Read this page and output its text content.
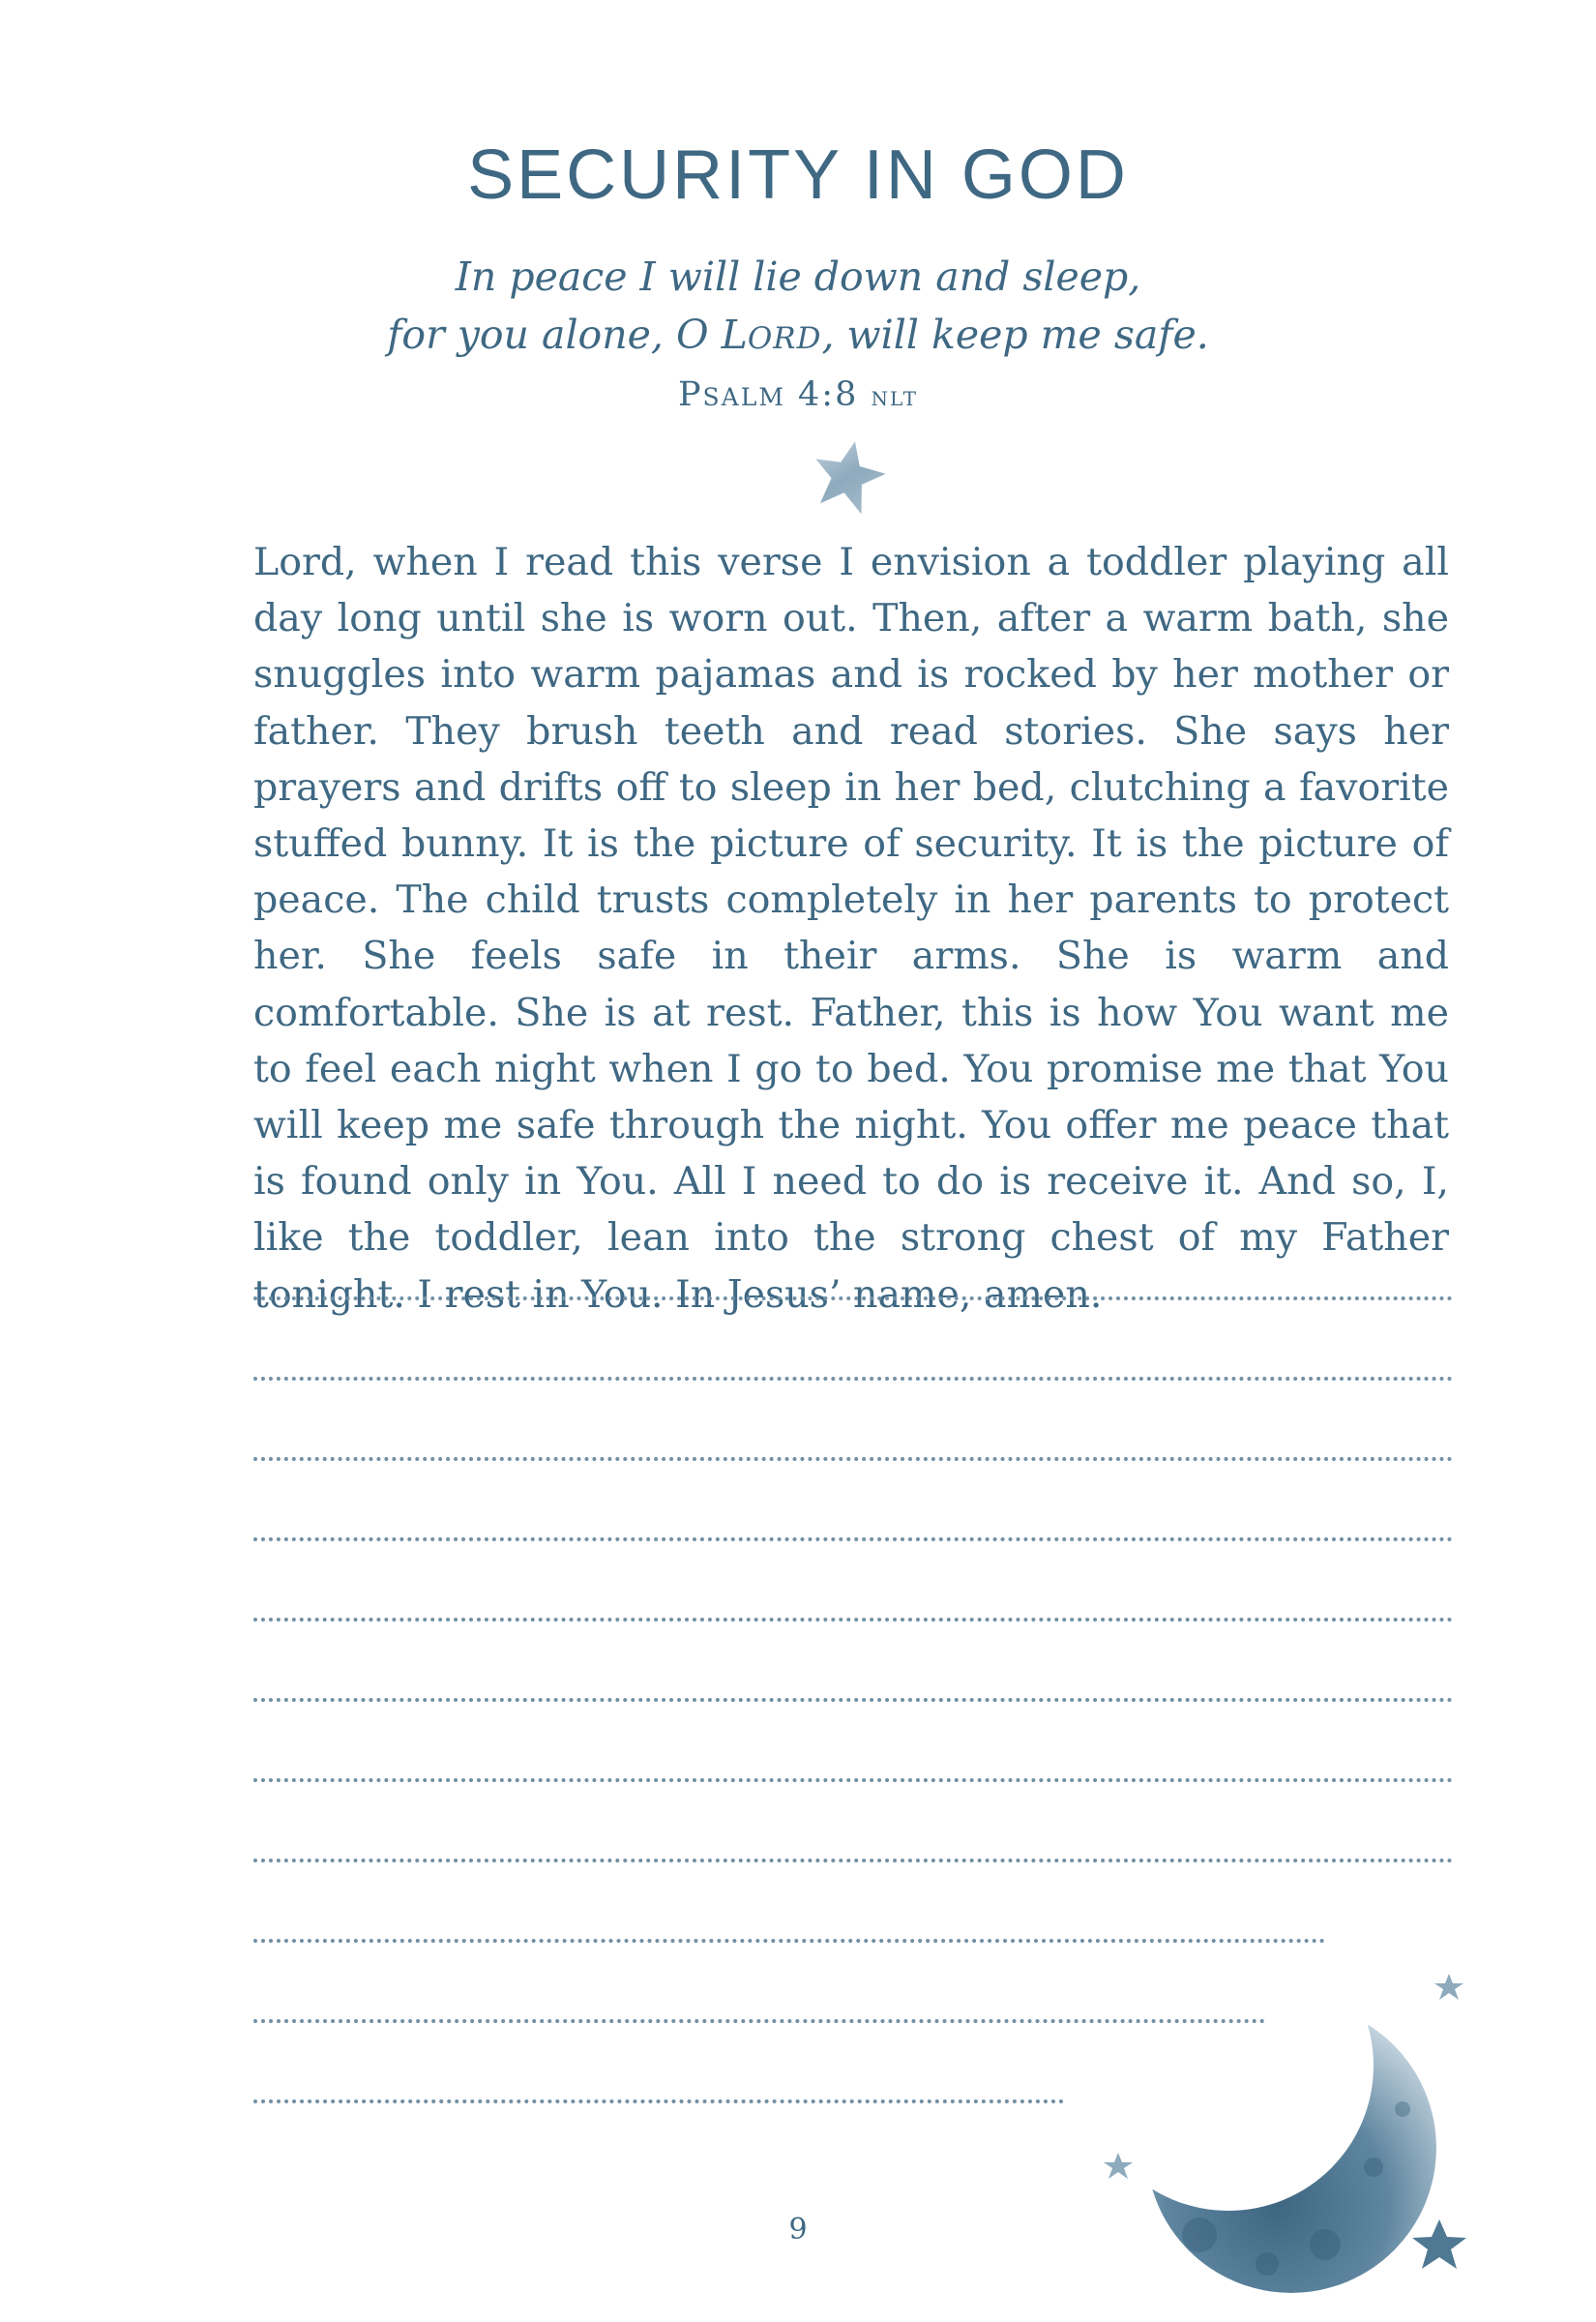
SECURITY IN GOD
In peace I will lie down and sleep,
for you alone, O LORD, will keep me safe.
Psalm 4:8 nlt

Lord, when I read this verse I envision a toddler playing all day long until she is worn out. Then, after a warm bath, she snuggles into warm pajamas and is rocked by her mother or father. They brush teeth and read stories. She says her prayers and drifts off to sleep in her bed, clutching a favorite stuffed bunny. It is the picture of security. It is the picture of peace. The child trusts completely in her parents to protect her. She feels safe in their arms. She is warm and comfortable. She is at rest. Father, this is how You want me to feel each night when I go to bed. You promise me that You will keep me safe through the night. You offer me peace that is found only in You. All I need to do is receive it. And so, I, like the toddler, lean into the strong chest of my Father tonight. I rest in You. In Jesus’ name, amen.

9
